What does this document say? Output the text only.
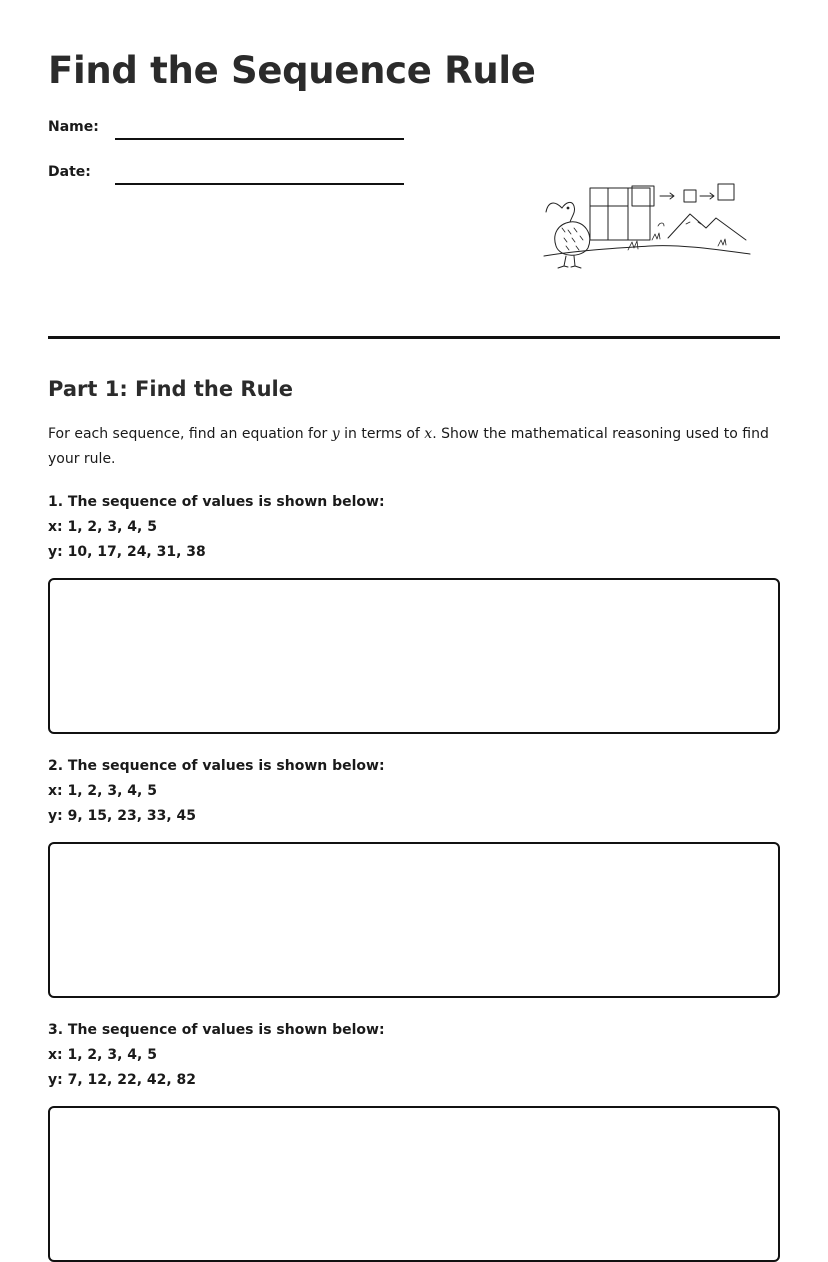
Find the Sequence Rule
Name:
Date:
Part 1: Find the Rule

For each sequence, find an equation for y in terms of x. Show the mathematical reasoning used to find your rule.

1. The sequence of values is shown below:
x: 1, 2, 3, 4, 5
y: 10, 17, 24, 31, 38
2. The sequence of values is shown below:
x: 1, 2, 3, 4, 5
y: 9, 15, 23, 33, 45
3. The sequence of values is shown below:
x: 1, 2, 3, 4, 5
y: 7, 12, 22, 42, 82
